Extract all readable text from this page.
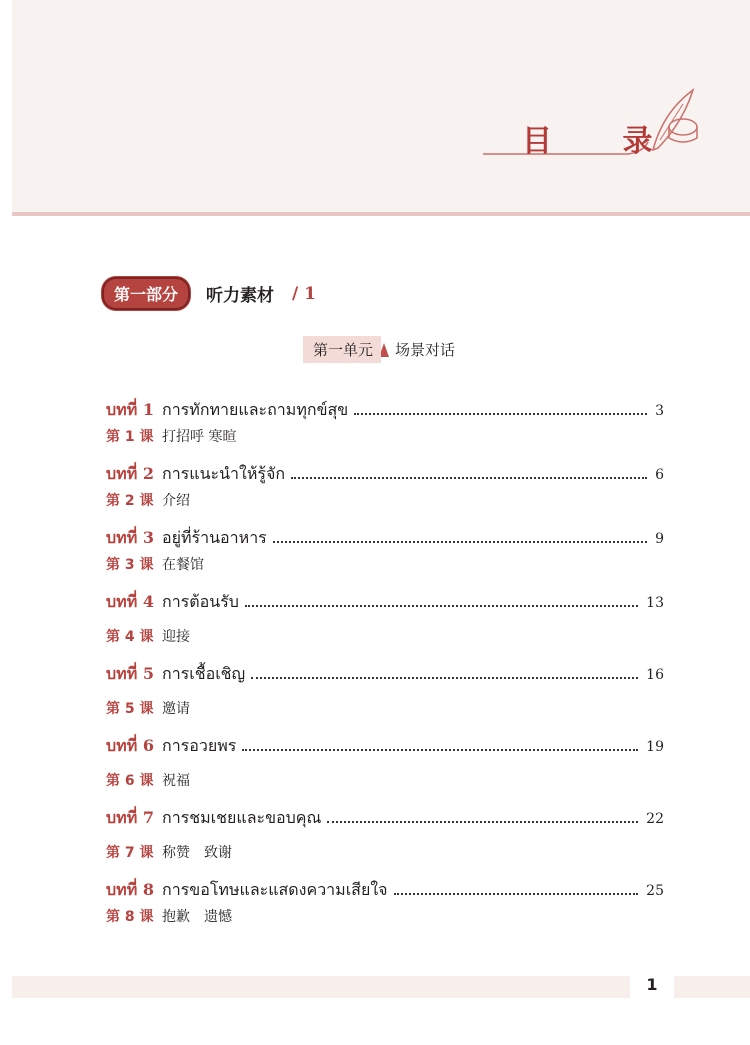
目 录
第一部分	听力素材 / 1
第一单元	场景对话
บทที่ 1 การทักทายและถามทุกข์สุข	3
第 1 课 打招呼 寒暄
บทที่ 2 การแนะนำให้รู้จัก	6
第 2 课 介绍
บทที่ 3 อยู่ที่ร้านอาหาร	9
第 3 课 在餐馆
บทที่ 4 การต้อนรับ	13
第 4 课 迎接
บทที่ 5 การเชื้อเชิญ	16
第 5 课 邀请
บทที่ 6 การอวยพร	19
第 6 课 祝福
บทที่ 7 การชมเชยและขอบคุณ	22
第 7 课 称赞　致谢
บทที่ 8 การขอโทษและแสดงความเสียใจ	25
第 8 课 抱歉　遗憾
1
